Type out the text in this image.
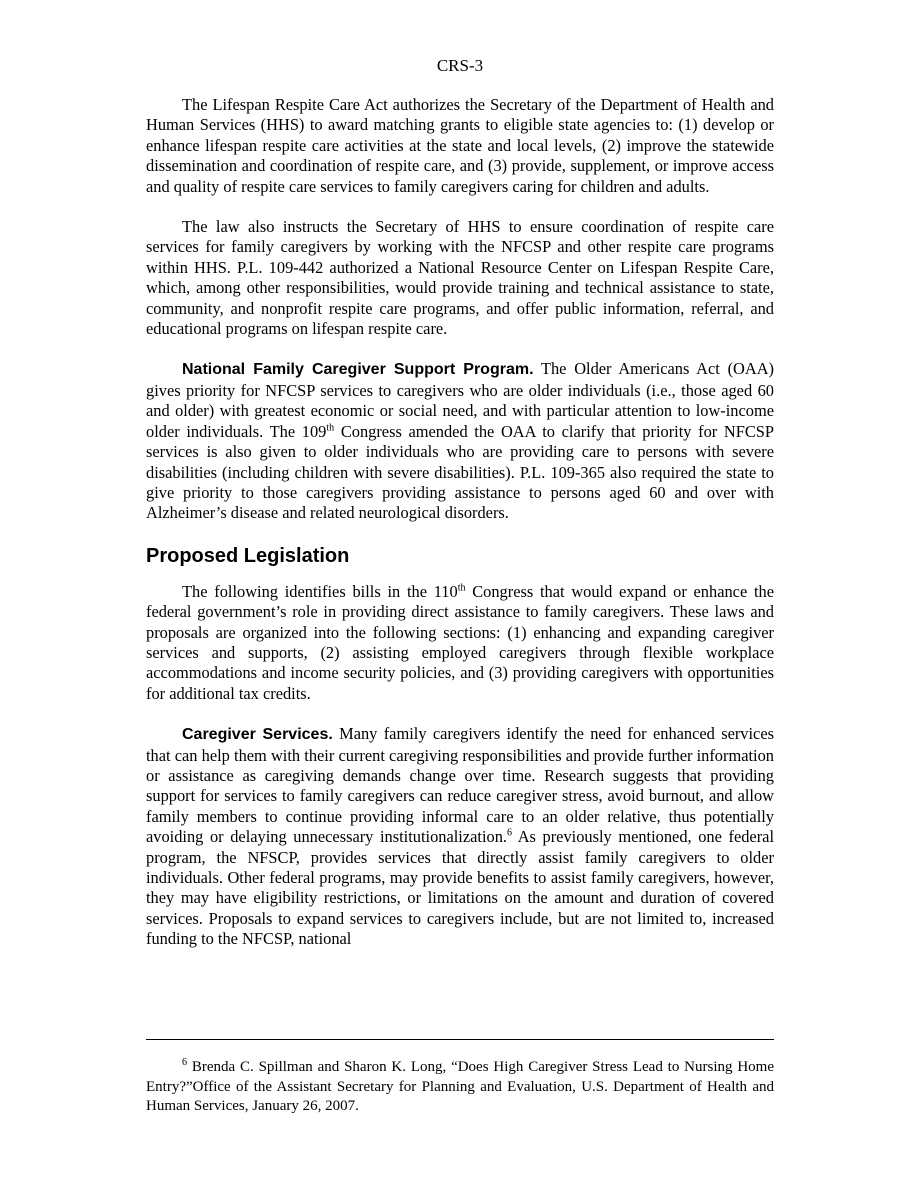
CRS-3

The Lifespan Respite Care Act authorizes the Secretary of the Department of Health and Human Services (HHS) to award matching grants to eligible state agencies to: (1) develop or enhance lifespan respite care activities at the state and local levels, (2) improve the statewide dissemination and coordination of respite care, and (3) provide, supplement, or improve access and quality of respite care services to family caregivers caring for children and adults.

The law also instructs the Secretary of HHS to ensure coordination of respite care services for family caregivers by working with the NFCSP and other respite care programs within HHS. P.L. 109-442 authorized a National Resource Center on Lifespan Respite Care, which, among other responsibilities, would provide training and technical assistance to state, community, and nonprofit respite care programs, and offer public information, referral, and educational programs on lifespan respite care.

National Family Caregiver Support Program. The Older Americans Act (OAA) gives priority for NFCSP services to caregivers who are older individuals (i.e., those aged 60 and older) with greatest economic or social need, and with particular attention to low-income older individuals. The 109th Congress amended the OAA to clarify that priority for NFCSP services is also given to older individuals who are providing care to persons with severe disabilities (including children with severe disabilities). P.L. 109-365 also required the state to give priority to those caregivers providing assistance to persons aged 60 and over with Alzheimer’s disease and related neurological disorders.

Proposed Legislation

The following identifies bills in the 110th Congress that would expand or enhance the federal government’s role in providing direct assistance to family caregivers. These laws and proposals are organized into the following sections: (1) enhancing and expanding caregiver services and supports, (2) assisting employed caregivers through flexible workplace accommodations and income security policies, and (3) providing caregivers with opportunities for additional tax credits.

Caregiver Services. Many family caregivers identify the need for enhanced services that can help them with their current caregiving responsibilities and provide further information or assistance as caregiving demands change over time. Research suggests that providing support for services to family caregivers can reduce caregiver stress, avoid burnout, and allow family members to continue providing informal care to an older relative, thus potentially avoiding or delaying unnecessary institutionalization.$^6$ As previously mentioned, one federal program, the NFSCP, provides services that directly assist family caregivers to older individuals. Other federal programs, may provide benefits to assist family caregivers, however, they may have eligibility restrictions, or limitations on the amount and duration of covered services. Proposals to expand services to caregivers include, but are not limited to, increased funding to the NFCSP, national

$^6$ Brenda C. Spillman and Sharon K. Long, “Does High Caregiver Stress Lead to Nursing Home Entry?”Office of the Assistant Secretary for Planning and Evaluation, U.S. Department of Health and Human Services, January 26, 2007.
